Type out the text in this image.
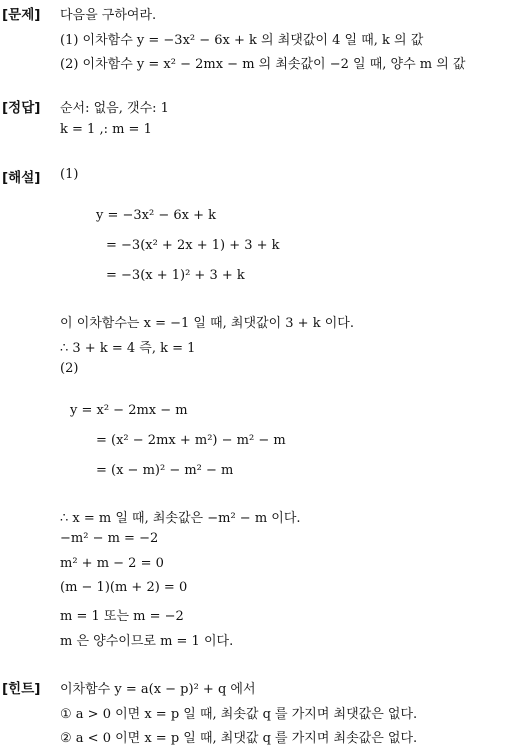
[문제] 다음을 구하여라.
(1) 이차함수 y = −3x² − 6x + k 의 최댓값이 4 일 때, k 의 값
(2) 이차함수 y = x² − 2mx − m 의 최솟값이 −2 일 때, 양수 m 의 값
[정답] 순서: 없음, 갯수: 1
k = 1 ,: m = 1
[해설] (1)
y = −3x² − 6x + k
= −3(x² + 2x + 1) + 3 + k
= −3(x + 1)² + 3 + k
이 이차함수는 x = −1 일 때, 최댓값이 3 + k 이다.
∴ 3 + k = 4 즉, k = 1
(2)
y = x² − 2mx − m
= (x² − 2mx + m²) − m² − m
= (x − m)² − m² − m
∴ x = m 일 때, 최솟값은 −m² − m 이다.
−m² − m = −2
m² + m − 2 = 0
(m − 1)(m + 2) = 0
m = 1 또는 m = −2
m 은 양수이므로 m = 1 이다.
[힌트] 이차함수 y = a(x − p)² + q 에서
① a > 0 이면 x = p 일 때, 최솟값 q 를 가지며 최댓값은 없다.
② a < 0 이면 x = p 일 때, 최댓값 q 를 가지며 최솟값은 없다.
